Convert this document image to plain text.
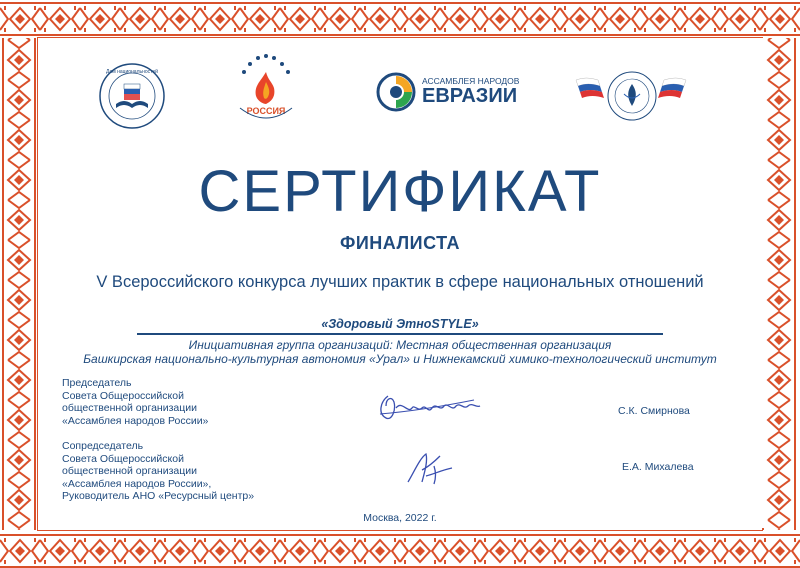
Дом национальностей
РОССИЯ
АССАМБЛЕЯ НАРОДОВ
ЕВРАЗИИ
СЕРТИФИКАТ
ФИНАЛИСТА
V Всероссийского конкурса лучших практик в сфере национальных отношений
«Здоровый ЭтноSTYLE»
Инициативная группа организаций: Местная общественная организация
Башкирская национально-культурная автономия «Урал» и Нижнекамский химико-технологический институт
Председатель
Совета Общероссийской
общественной организации
«Ассамблея народов России»
С.К. Смирнова
Сопредседатель
Совета Общероссийской
общественной организации
«Ассамблея народов России»,
Руководитель АНО «Ресурсный центр»
Е.А. Михалева
Москва, 2022 г.
